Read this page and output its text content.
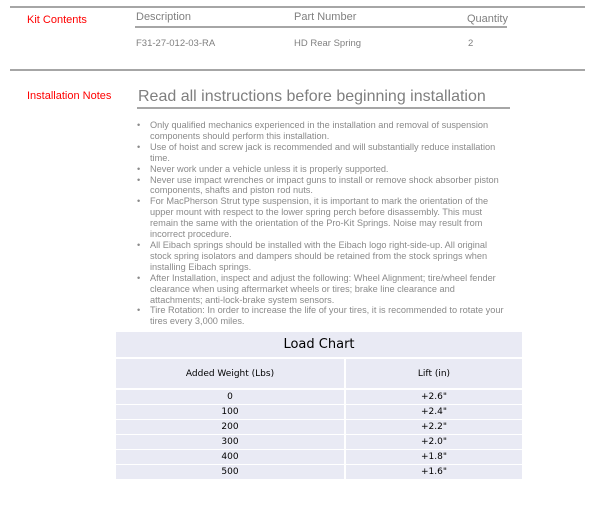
Kit Contents	Description	Part Number	Quantity
F31-27-012-03-RA	HD Rear Spring	2
Installation Notes Read all instructions before beginning installation
• Only qualified mechanics experienced in the installation and removal of suspension components should perform this installation.
• Use of hoist and screw jack is recommended and will substantially reduce installation time.
• Never work under a vehicle unless it is properly supported.
• Never use impact wrenches or impact guns to install or remove shock absorber piston components, shafts and piston rod nuts.
• For MacPherson Strut type suspension, it is important to mark the orientation of the upper mount with respect to the lower spring perch before disassembly. This must remain the same with the orientation of the Pro-Kit Springs. Noise may result from incorrect procedure.
• All Eibach springs should be installed with the Eibach logo right-side-up. All original stock spring isolators and dampers should be retained from the stock springs when installing Eibach springs.
• After Installation, inspect and adjust the following: Wheel Alignment; tire/wheel fender clearance when using aftermarket wheels or tires; brake line clearance and attachments; anti-lock-brake system sensors.
• Tire Rotation: In order to increase the life of your tires, it is recommended to rotate your tires every 3,000 miles.
Load Chart	
Added Weight (Lbs)	Lift (in)
0	+2.6"
100	+2.4"
200	+2.2"
300	+2.0"
400	+1.8"
500	+1.6"
